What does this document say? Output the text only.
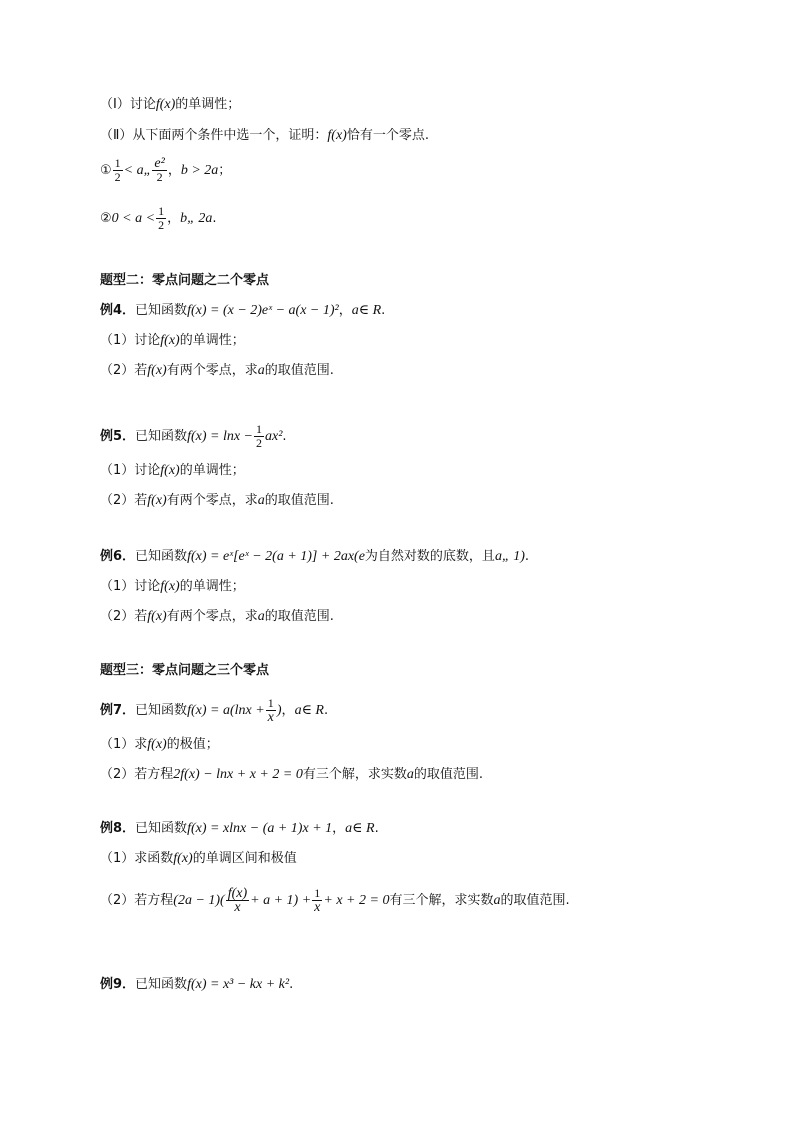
（Ⅰ）讨论f(x)的单调性；
（Ⅱ）从下面两个条件中选一个，证明：f(x)恰有一个零点.
① $\frac{1}{2}$ < a„ $\frac{\text{e²}}{2}$ ，b > 2a；
②0 < $a < \frac{1}{2}$ ，b„ 2a.
题型二：零点问题之二个零点
例4．已知函数f(x) = (x − 2)eˣ − a(x − 1)²，a∈ R.
（1）讨论f(x)的单调性；
（2）若f(x)有两个零点，求a的取值范围.
例5．已知函数$f(x) = \ln x - \frac{1}{2} ax^2$.
（1）讨论f(x)的单调性；
（2）若f(x)有两个零点，求a的取值范围.
例6．已知函数f(x) = eˣ[eˣ − 2(a + 1)] + 2ax(e为自然对数的底数，且a„ 1).
（1）讨论f(x)的单调性；
（2）若f(x)有两个零点，求a的取值范围.
题型三：零点问题之三个零点
例7．已知函数$f(x) = a(\ln x + \frac{1}{x}$ )，a∈ R.
（1）求f(x)的极值；
（2）若方程2f(x) − lnx + x + 2 = 0有三个解，求实数a的取值范围.
例8．已知函数f(x) = xlnx − (a + 1)x + 1，a∈ R.
（1）求函数f(x)的单调区间和极值
（2）若方程$(2a - 1)( \frac{f(x)}{x} + a + 1) + \frac{1}{x} + x + 2 = 0$有三个解，求实数a的取值范围.
例9．已知函数f(x) = x³ − kx + k².
